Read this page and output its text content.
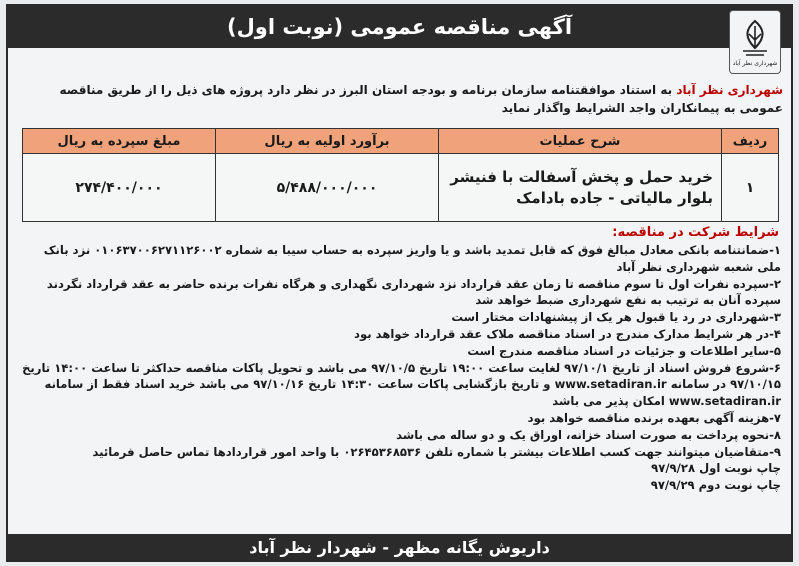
آگهی مناقصه عمومی (نوبت اول)
شهرداری نظر آباد
شهرداری نظر آباد به استناد موافقتنامه سازمان برنامه و بودجه استان البرز در نظر دارد پروژه های ذیل را از طریق مناقصه عمومی به پیمانکاران واجد الشرایط واگذار نماید
ردیف	شرح عملیات	برآورد اولیه به ریال	مبلغ سپرده به ریال
۱	خرید حمل و پخش آسفالت با فنیشر بلوار مالیاتی - جاده بادامک	۵/۴۸۸/۰۰۰/۰۰۰	۲۷۴/۴۰۰/۰۰۰
شرایط شرکت در مناقصه:
۱-ضمانتنامه بانکی معادل مبالغ فوق که قابل تمدید باشد و یا واریز سپرده به حساب سیبا به شماره ۰۱۰۶۳۷۰۰۶۲۷۱۱۲۶۰۰۲ نزد بانک ملی شعبه شهرداری نظر آباد
۲-سپرده نفرات اول تا سوم مناقصه تا زمان عقد قرارداد نزد شهرداری نگهداری و هرگاه نفرات برنده حاضر به عقد قرارداد نگردند سپرده آنان به ترتیب به نفع شهرداری ضبط خواهد شد
۳-شهرداری در رد یا قبول هر یک از پیشنهادات مختار است
۴-در هر شرایط مدارک مندرج در اسناد مناقصه ملاک عقد قرارداد خواهد بود
۵-سایر اطلاعات و جزئیات در اسناد مناقصه مندرج است
۶-شروع فروش اسناد از تاریخ ۹۷/۱۰/۱ لغایت ساعت ۱۹:۰۰ تاریخ ۹۷/۱۰/۵ می باشد و تحویل پاکات مناقصه حداکثر تا ساعت ۱۴:۰۰ تاریخ ۹۷/۱۰/۱۵ در سامانه www.setadiran.ir و تاریخ بازگشایی پاکات ساعت ۱۴:۳۰ تاریخ ۹۷/۱۰/۱۶ می باشد خرید اسناد فقط از سامانه www.setadiran.ir امکان پذیر می باشد
۷-هزینه آگهی بعهده برنده مناقصه خواهد بود
۸-نحوه پرداخت به صورت اسناد خزانه، اوراق یک و دو ساله می باشد
۹-متقاضیان میتوانند جهت کسب اطلاعات بیشتر با شماره تلفن ۰۲۶۴۵۳۶۸۵۳۶ با واحد امور قراردادها تماس حاصل فرمائید
چاپ نوبت اول ۹۷/۹/۲۸
چاپ نوبت دوم ۹۷/۹/۲۹
داریوش یگانه مظهر - شهردار نظر آباد
